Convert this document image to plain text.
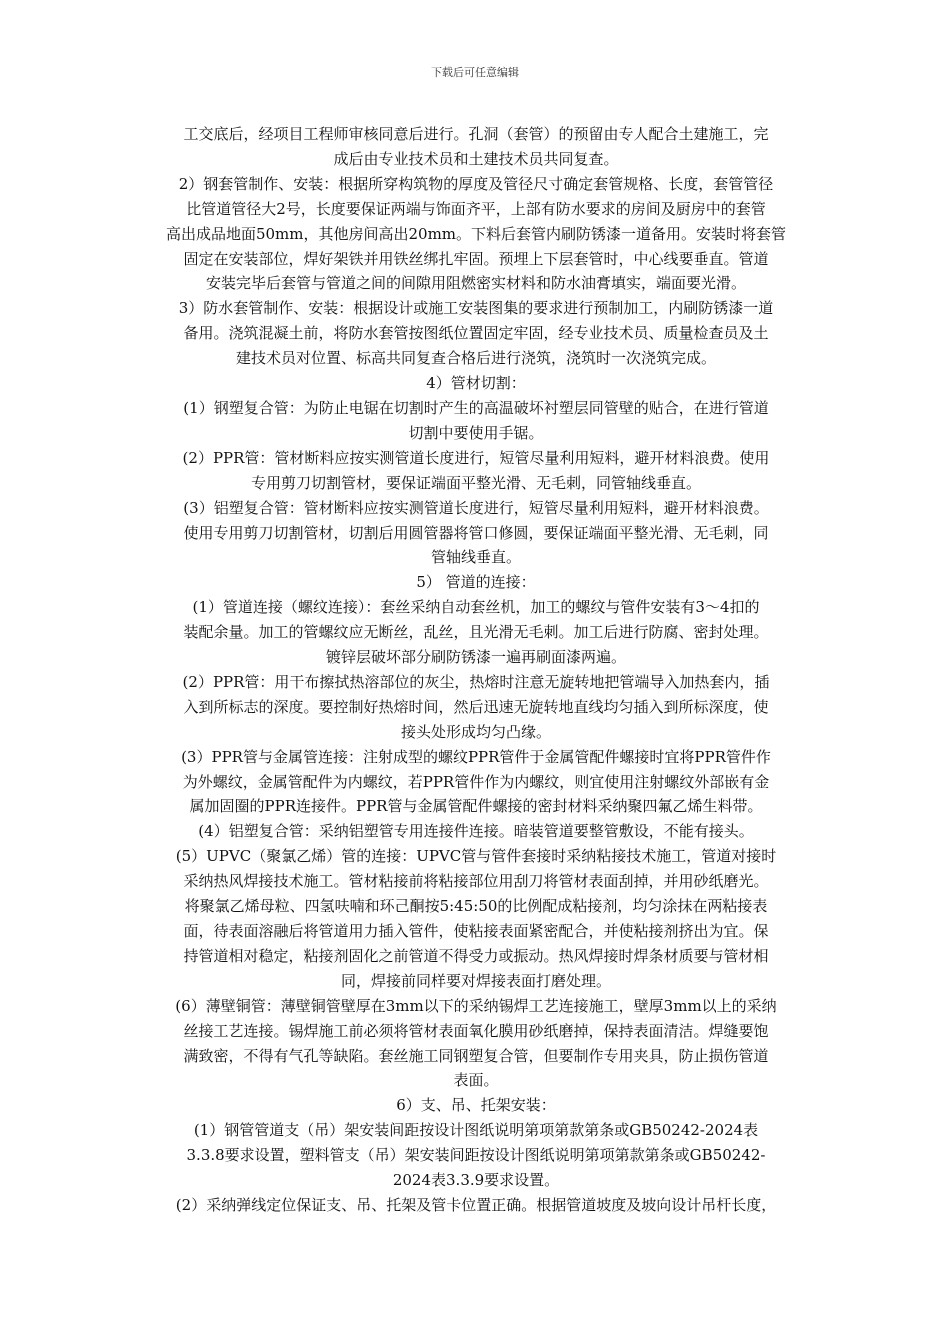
下载后可任意编辑
工交底后，经项目工程师审核同意后进行。孔洞（套管）的预留由专人配合土建施工，完
成后由专业技术员和土建技术员共同复查。
2）钢套管制作、安装：根据所穿构筑物的厚度及管径尺寸确定套管规格、长度，套管管径
比管道管径大2号，长度要保证两端与饰面齐平，上部有防水要求的房间及厨房中的套管
高出成品地面50mm，其他房间高出20mm。下料后套管内刷防锈漆一道备用。安装时将套管
固定在安装部位，焊好架铁并用铁丝绑扎牢固。预埋上下层套管时，中心线要垂直。管道
安装完毕后套管与管道之间的间隙用阻燃密实材料和防水油膏填实，端面要光滑。
3）防水套管制作、安装：根据设计或施工安装图集的要求进行预制加工，内刷防锈漆一道
备用。浇筑混凝土前，将防水套管按图纸位置固定牢固，经专业技术员、质量检查员及土
建技术员对位置、标高共同复查合格后进行浇筑，浇筑时一次浇筑完成。
4）管材切割：
(1）钢塑复合管：为防止电锯在切割时产生的高温破坏衬塑层同管壁的贴合，在进行管道
切割中要使用手锯。
(2）PPR管：管材断料应按实测管道长度进行，短管尽量利用短料，避开材料浪费。使用
专用剪刀切割管材，要保证端面平整光滑、无毛刺，同管轴线垂直。
(3）铝塑复合管：管材断料应按实测管道长度进行，短管尽量利用短料，避开材料浪费。
使用专用剪刀切割管材，切割后用圆管器将管口修圆，要保证端面平整光滑、无毛刺，同
管轴线垂直。
5） 管道的连接：
(1）管道连接（螺纹连接）：套丝采纳自动套丝机，加工的螺纹与管件安装有3～4扣的
装配余量。加工的管螺纹应无断丝，乱丝，且光滑无毛刺。加工后进行防腐、密封处理。
镀锌层破坏部分刷防锈漆一遍再刷面漆两遍。
(2）PPR管：用干布擦拭热溶部位的灰尘，热熔时注意无旋转地把管端导入加热套内，插
入到所标志的深度。要控制好热熔时间，然后迅速无旋转地直线均匀插入到所标深度，使
接头处形成均匀凸缘。
(3）PPR管与金属管连接：注射成型的螺纹PPR管件于金属管配件螺接时宜将PPR管件作
为外螺纹，金属管配件为内螺纹，若PPR管件作为内螺纹，则宜使用注射螺纹外部嵌有金
属加固圈的PPR连接件。PPR管与金属管配件螺接的密封材料采纳聚四氟乙烯生料带。
(4）铝塑复合管：采纳铝塑管专用连接件连接。暗装管道要整管敷设，不能有接头。
(5）UPVC（聚氯乙烯）管的连接：UPVC管与管件套接时采纳粘接技术施工，管道对接时
采纳热风焊接技术施工。管材粘接前将粘接部位用刮刀将管材表面刮掉，并用砂纸磨光。
将聚氯乙烯母粒、四氢呋喃和环己酮按5:45:50的比例配成粘接剂，均匀涂抹在两粘接表
面，待表面溶融后将管道用力插入管件，使粘接表面紧密配合，并使粘接剂挤出为宜。保
持管道相对稳定，粘接剂固化之前管道不得受力或振动。热风焊接时焊条材质要与管材相
同，焊接前同样要对焊接表面打磨处理。
(6）薄壁铜管：薄壁铜管壁厚在3mm以下的采纳锡焊工艺连接施工，壁厚3mm以上的采纳
丝接工艺连接。锡焊施工前必须将管材表面氧化膜用砂纸磨掉，保持表面清洁。焊缝要饱
满致密，不得有气孔等缺陷。套丝施工同钢塑复合管，但要制作专用夹具，防止损伤管道
表面。
6）支、吊、托架安装：
(1）钢管管道支（吊）架安装间距按设计图纸说明第项第款第条或GB50242-2024表
3.3.8要求设置，塑料管支（吊）架安装间距按设计图纸说明第项第款第条或GB50242-
2024表3.3.9要求设置。
(2）采纳弹线定位保证支、吊、托架及管卡位置正确。根据管道坡度及坡向设计吊杆长度，
